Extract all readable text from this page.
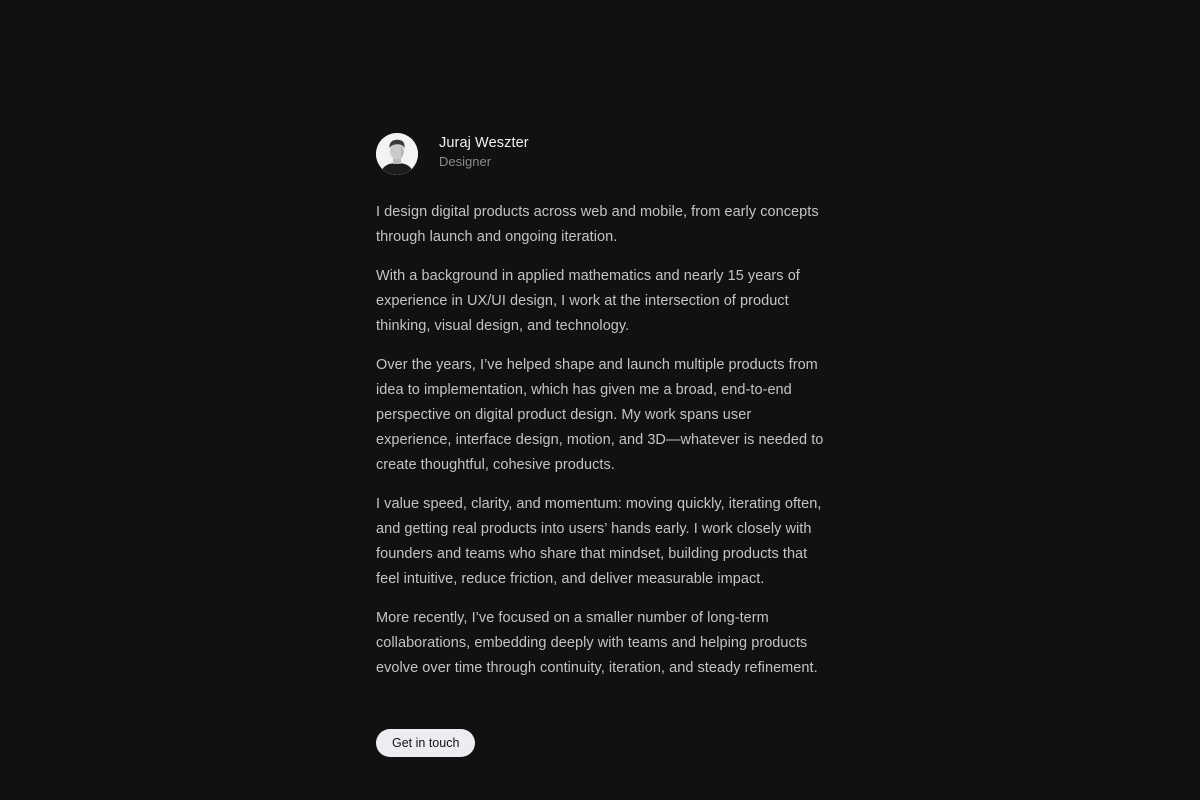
Juraj Weszter
Designer

I design digital products across web and mobile, from early concepts through launch and ongoing iteration.

With a background in applied mathematics and nearly 15 years of experience in UX/UI design, I work at the intersection of product thinking, visual design, and technology.

Over the years, I’ve helped shape and launch multiple products from idea to implementation, which has given me a broad, end-to-end perspective on digital product design. My work spans user experience, interface design, motion, and 3D—whatever is needed to create thoughtful, cohesive products.

I value speed, clarity, and momentum: moving quickly, iterating often, and getting real products into users’ hands early. I work closely with founders and teams who share that mindset, building products that feel intuitive, reduce friction, and deliver measurable impact.

More recently, I’ve focused on a smaller number of long-term collaborations, embedding deeply with teams and helping products evolve over time through continuity, iteration, and steady refinement.

Get in touch
